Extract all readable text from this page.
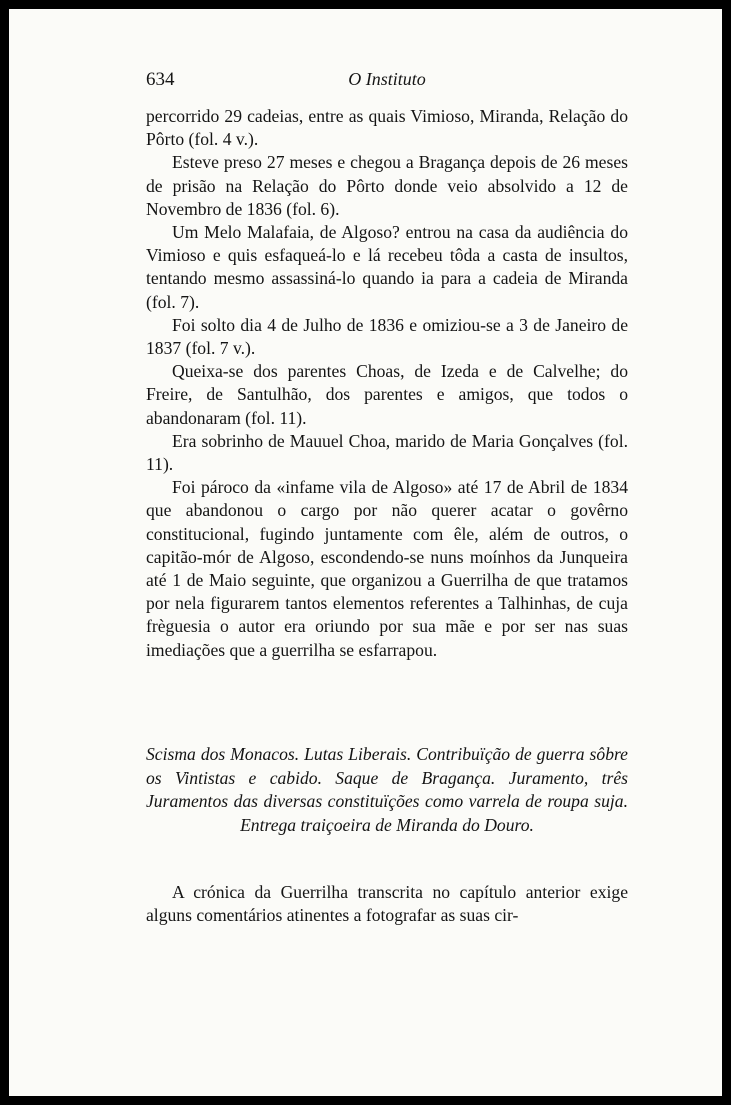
634	O Instituto

percorrido 29 cadeias, entre as quais Vimioso, Miranda, Relação do Pôrto (fol. 4 v.).

Esteve preso 27 meses e chegou a Bragança depois de 26 meses de prisão na Relação do Pôrto donde veio absolvido a 12 de Novembro de 1836 (fol. 6).

Um Melo Malafaia, de Algoso? entrou na casa da audiência do Vimioso e quis esfaqueá-lo e lá recebeu tôda a casta de insultos, tentando mesmo assassiná-lo quando ia para a cadeia de Miranda (fol. 7).

Foi solto dia 4 de Julho de 1836 e omiziou-se a 3 de Janeiro de 1837 (fol. 7 v.).

Queixa-se dos parentes Choas, de Izeda e de Calvelhe; do Freire, de Santulhão, dos parentes e amigos, que todos o abandonaram (fol. 11).

Era sobrinho de Mauuel Choa, marido de Maria Gonçalves (fol. 11).

Foi pároco da «infame vila de Algoso» até 17 de Abril de 1834 que abandonou o cargo por não querer acatar o govêrno constitucional, fugindo juntamente com êle, além de outros, o capitão-mór de Algoso, escondendo-se nuns moínhos da Junqueira até 1 de Maio seguinte, que organizou a Guerrilha de que tratamos por nela figurarem tantos elementos referentes a Talhinhas, de cuja frèguesia o autor era oriundo por sua mãe e por ser nas suas imediações que a guerrilha se esfarrapou.

Scisma dos Monacos. Lutas Liberais. Contribuïção de guerra sôbre os Vintistas e cabido. Saque de Bragança. Juramento, três Juramentos das diversas constituïções como varrela de roupa suja. Entrega traiçoeira de Miranda do Douro.

A crónica da Guerrilha transcrita no capítulo anterior exige alguns comentários atinentes a fotografar as suas cir-
